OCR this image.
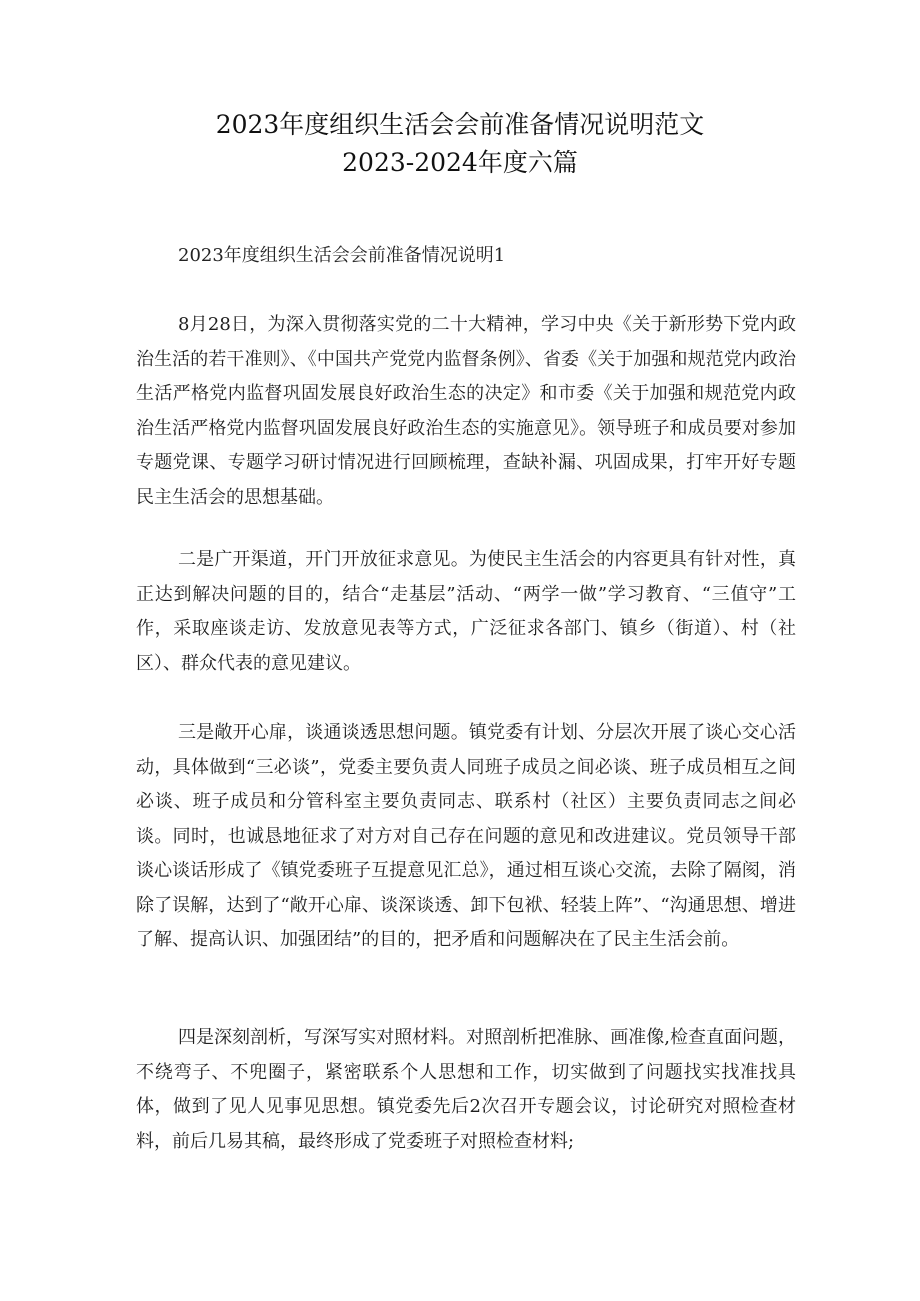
2023年度组织生活会会前准备情况说明范文
2023-2024年度六篇
2023年度组织生活会会前准备情况说明1

8月28日，为深入贯彻落实党的二十大精神，学习中央《关于新形势下党内政治生活的若干准则》、《中国共产党党内监督条例》、省委《关于加强和规范党内政治生活严格党内监督巩固发展良好政治生态的决定》和市委《关于加强和规范党内政治生活严格党内监督巩固发展良好政治生态的实施意见》。领导班子和成员要对参加专题党课、专题学习研讨情况进行回顾梳理，查缺补漏、巩固成果，打牢开好专题民主生活会的思想基础。

二是广开渠道，开门开放征求意见。为使民主生活会的内容更具有针对性，真正达到解决问题的目的，结合“走基层”活动、“两学一做”学习教育、“三值守”工作，采取座谈走访、发放意见表等方式，广泛征求各部门、镇乡（街道）、村（社区）、群众代表的意见建议。

三是敞开心扉，谈通谈透思想问题。镇党委有计划、分层次开展了谈心交心活动，具体做到“三必谈”，党委主要负责人同班子成员之间必谈、班子成员相互之间必谈、班子成员和分管科室主要负责同志、联系村（社区）主要负责同志之间必谈。同时，也诚恳地征求了对方对自己存在问题的意见和改进建议。党员领导干部谈心谈话形成了《镇党委班子互提意见汇总》，通过相互谈心交流，去除了隔阂，消除了误解，达到了“敞开心扉、谈深谈透、卸下包袱、轻装上阵”、“沟通思想、增进了解、提高认识、加强团结”的目的，把矛盾和问题解决在了民主生活会前。

四是深刻剖析，写深写实对照材料。对照剖析把准脉、画准像,检查直面问题，不绕弯子、不兜圈子，紧密联系个人思想和工作，切实做到了问题找实找准找具体，做到了见人见事见思想。镇党委先后2次召开专题会议，讨论研究对照检查材料，前后几易其稿，最终形成了党委班子对照检查材料;
